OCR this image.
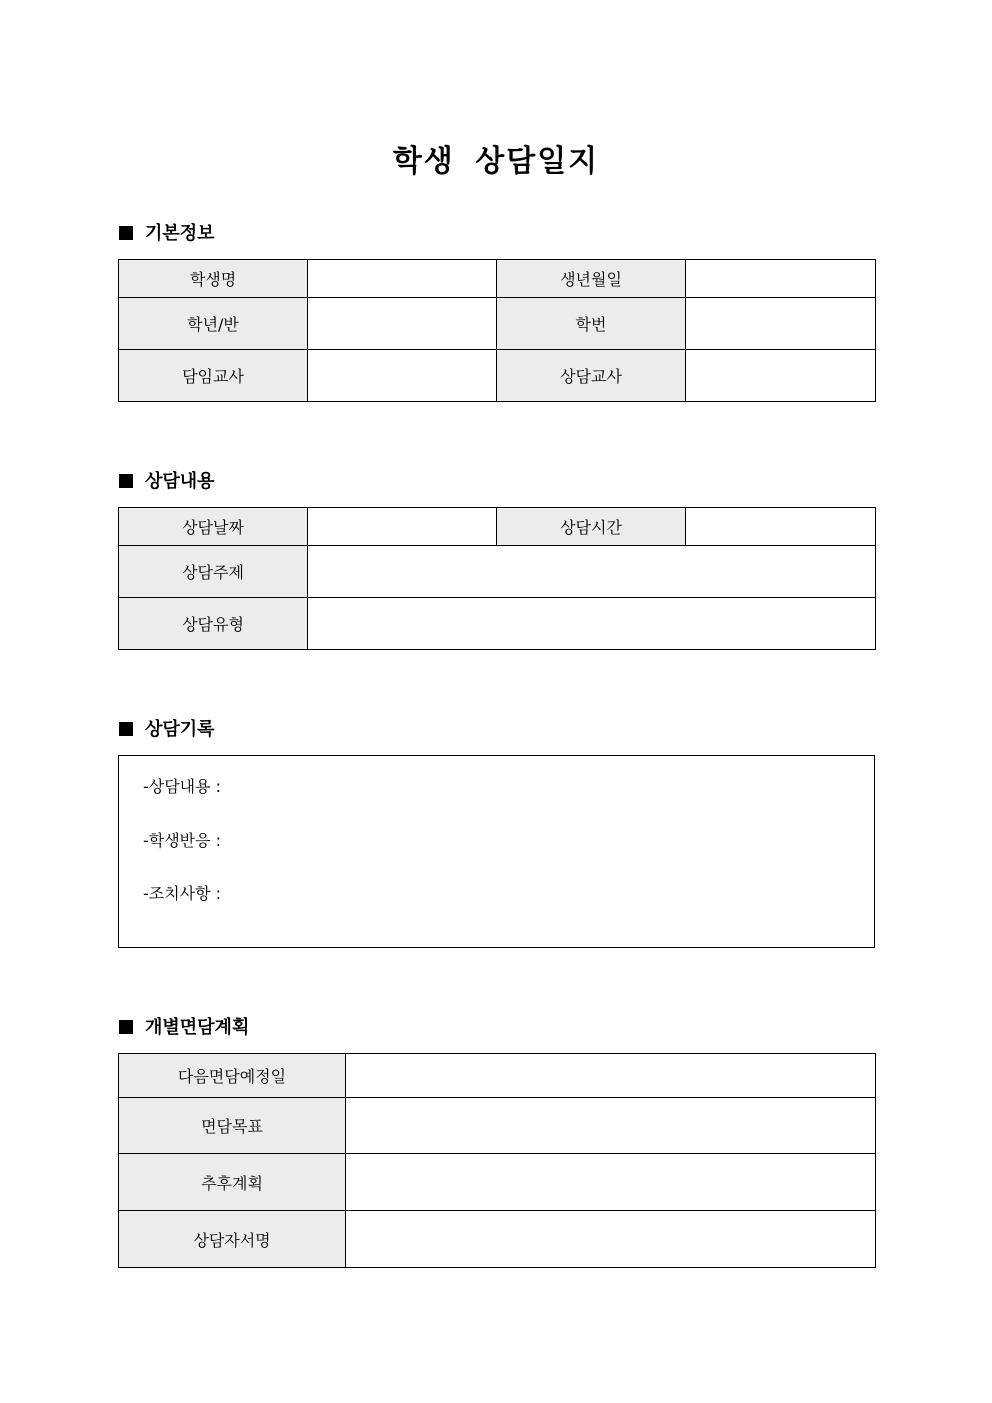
학생 상담일지
기본정보
학생명		생년월일	
학년/반		학번	
담임교사		상담교사	
상담내용
상담날짜		상담시간	
상담주제			
상담유형			
상담기록
-상담내용 :
-학생반응 :
-조치사항 :
개별면담계획
다음면담예정일	
면담목표	
추후계획	
상담자서명	
